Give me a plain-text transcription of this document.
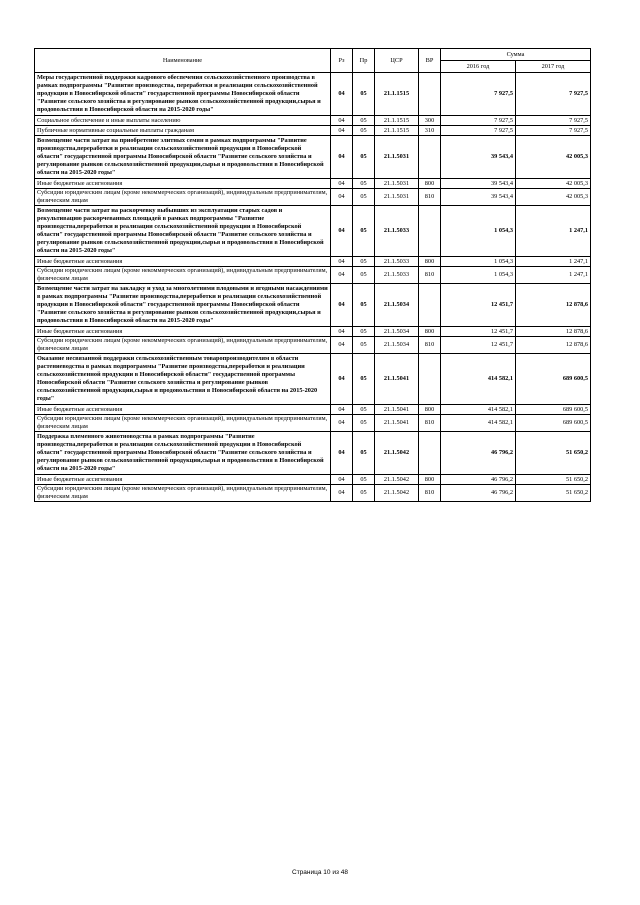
Наименование	Рз	Пр	ЦСР	ВР	Сумма	
					2016 год	2017 год
Меры государственной поддержки кадрового обеспечения сельскохозяйственного производства в рамках подпрограммы "Развитие производства, переработки и реализации сельскохозяйственной продукции в Новосибирской области" государственной программы Новосибирской области "Развитие сельского хозяйства и регулирование рынков сельскохозяйственной продукции,сырья и продовольствия в Новосибирской области на 2015-2020 годы"	04	05	21.1.1515		7 927,5	7 927,5
Социальное обеспечение и иные выплаты населению	04	05	21.1.1515	300	7 927,5	7 927,5
Публичные нормативные социальные выплаты гражданам	04	05	21.1.1515	310	7 927,5	7 927,5
Возмещение части затрат на приобретение элитных семян в рамках подпрограммы "Развитие производства,переработки и реализации сельскохозяйственной продукции в Новосибирской области" государственной программы Новосибирской области "Развитие сельского хозяйства и регулирование рынков сельскохозяйственной продукции,сырья и продовольствия в Новосибирской области на 2015-2020 годы"	04	05	21.1.5031		39 543,4	42 005,3
Иные бюджетные ассигнования	04	05	21.1.5031	800	39 543,4	42 005,3
Субсидии юридическим лицам (кроме некоммерческих организаций), индивидуальным предпринимателям, физическим лицам	04	05	21.1.5031	810	39 543,4	42 005,3
Возмещение части затрат на раскорчевку выбывших из эксплуатации старых садов и рекультивацию раскорчеванных площадей в рамках подпрограммы "Развитие производства,переработки и реализации сельскохозяйственной продукции в Новосибирской области" государственной программы Новосибирской области "Развитие сельского хозяйства и регулирование рынков сельскохозяйственной продукции,сырья и продовольствия в Новосибирской области на 2015-2020 годы"	04	05	21.1.5033		1 054,3	1 247,1
Иные бюджетные ассигнования	04	05	21.1.5033	800	1 054,3	1 247,1
Субсидии юридическим лицам (кроме некоммерческих организаций), индивидуальным предпринимателям, физическим лицам	04	05	21.1.5033	810	1 054,3	1 247,1
Возмещение части затрат на закладку и уход за многолетними плодовыми и ягодными насаждениями в рамках подпрограммы "Развитие производства,переработки и реализации сельскохозяйственной продукции в Новосибирской области" государственной программы Новосибирской области "Развитие сельского хозяйства и регулирование рынков сельскохозяйственной продукции,сырья и продовольствия в Новосибирской области на 2015-2020 годы"	04	05	21.1.5034		12 451,7	12 878,6
Иные бюджетные ассигнования	04	05	21.1.5034	800	12 451,7	12 878,6
Субсидии юридическим лицам (кроме некоммерческих организаций), индивидуальным предпринимателям, физическим лицам	04	05	21.1.5034	810	12 451,7	12 878,6
Оказание несвязанной поддержки сельскохозяйственным товаропроизводителям в области растениеводства в рамках подпрограммы "Развитие производства,переработки и реализации сельскохозяйственной продукции в Новосибирской области" государственной программы Новосибирской области "Развитие сельского хозяйства и регулирование рынков сельскохозяйственной продукции,сырья и продовольствия в Новосибирской области на 2015-2020 годы"	04	05	21.1.5041		414 582,1	689 600,5
Иные бюджетные ассигнования	04	05	21.1.5041	800	414 582,1	689 600,5
Субсидии юридическим лицам (кроме некоммерческих организаций), индивидуальным предпринимателям, физическим лицам	04	05	21.1.5041	810	414 582,1	689 600,5
Поддержка племенного животноводства в рамках подпрограммы "Развитие производства,переработки и реализации сельскохозяйственной продукции в Новосибирской области" государственной программы Новосибирской области "Развитие сельского хозяйства и регулирование рынков сельскохозяйственной продукции,сырья и продовольствия в Новосибирской области на 2015-2020 годы"	04	05	21.1.5042		46 796,2	51 650,2
Иные бюджетные ассигнования	04	05	21.1.5042	800	46 796,2	51 650,2
Субсидии юридическим лицам (кроме некоммерческих организаций), индивидуальным предпринимателям, физическим лицам	04	05	21.1.5042	810	46 796,2	51 650,2
Страница 10 из 48
